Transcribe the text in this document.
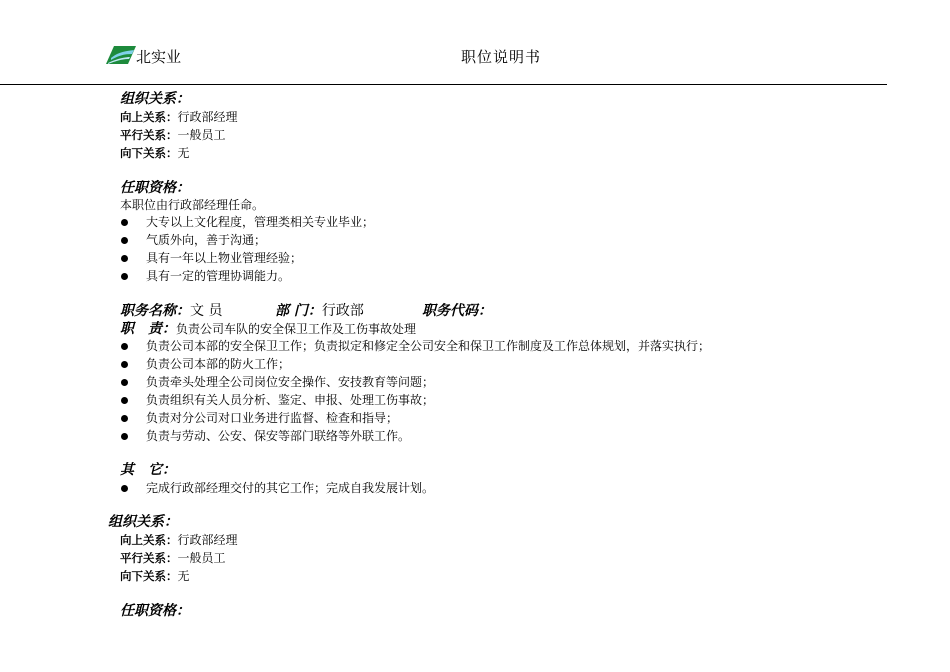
北实业	职位说明书
组织关系：
向上关系：行政部经理
平行关系：一般员工
向下关系：无
任职资格：
本职位由行政部经理任命。
大专以上文化程度，管理类相关专业毕业；
气质外向，善于沟通；
具有一年以上物业管理经验；
具有一定的管理协调能力。
职务名称：文 员	部 门：行政部	职务代码：
职　责：负责公司车队的安全保卫工作及工伤事故处理
负责公司本部的安全保卫工作；负责拟定和修定全公司安全和保卫工作制度及工作总体规划，并落实执行；
负责公司本部的防火工作；
负责牵头处理全公司岗位安全操作、安技教育等问题；
负责组织有关人员分析、鉴定、申报、处理工伤事故；
负责对分公司对口业务进行监督、检查和指导；
负责与劳动、公安、保安等部门联络等外联工作。
其　它：
完成行政部经理交付的其它工作；完成自我发展计划。
组织关系：
向上关系：行政部经理
平行关系：一般员工
向下关系：无
任职资格：
